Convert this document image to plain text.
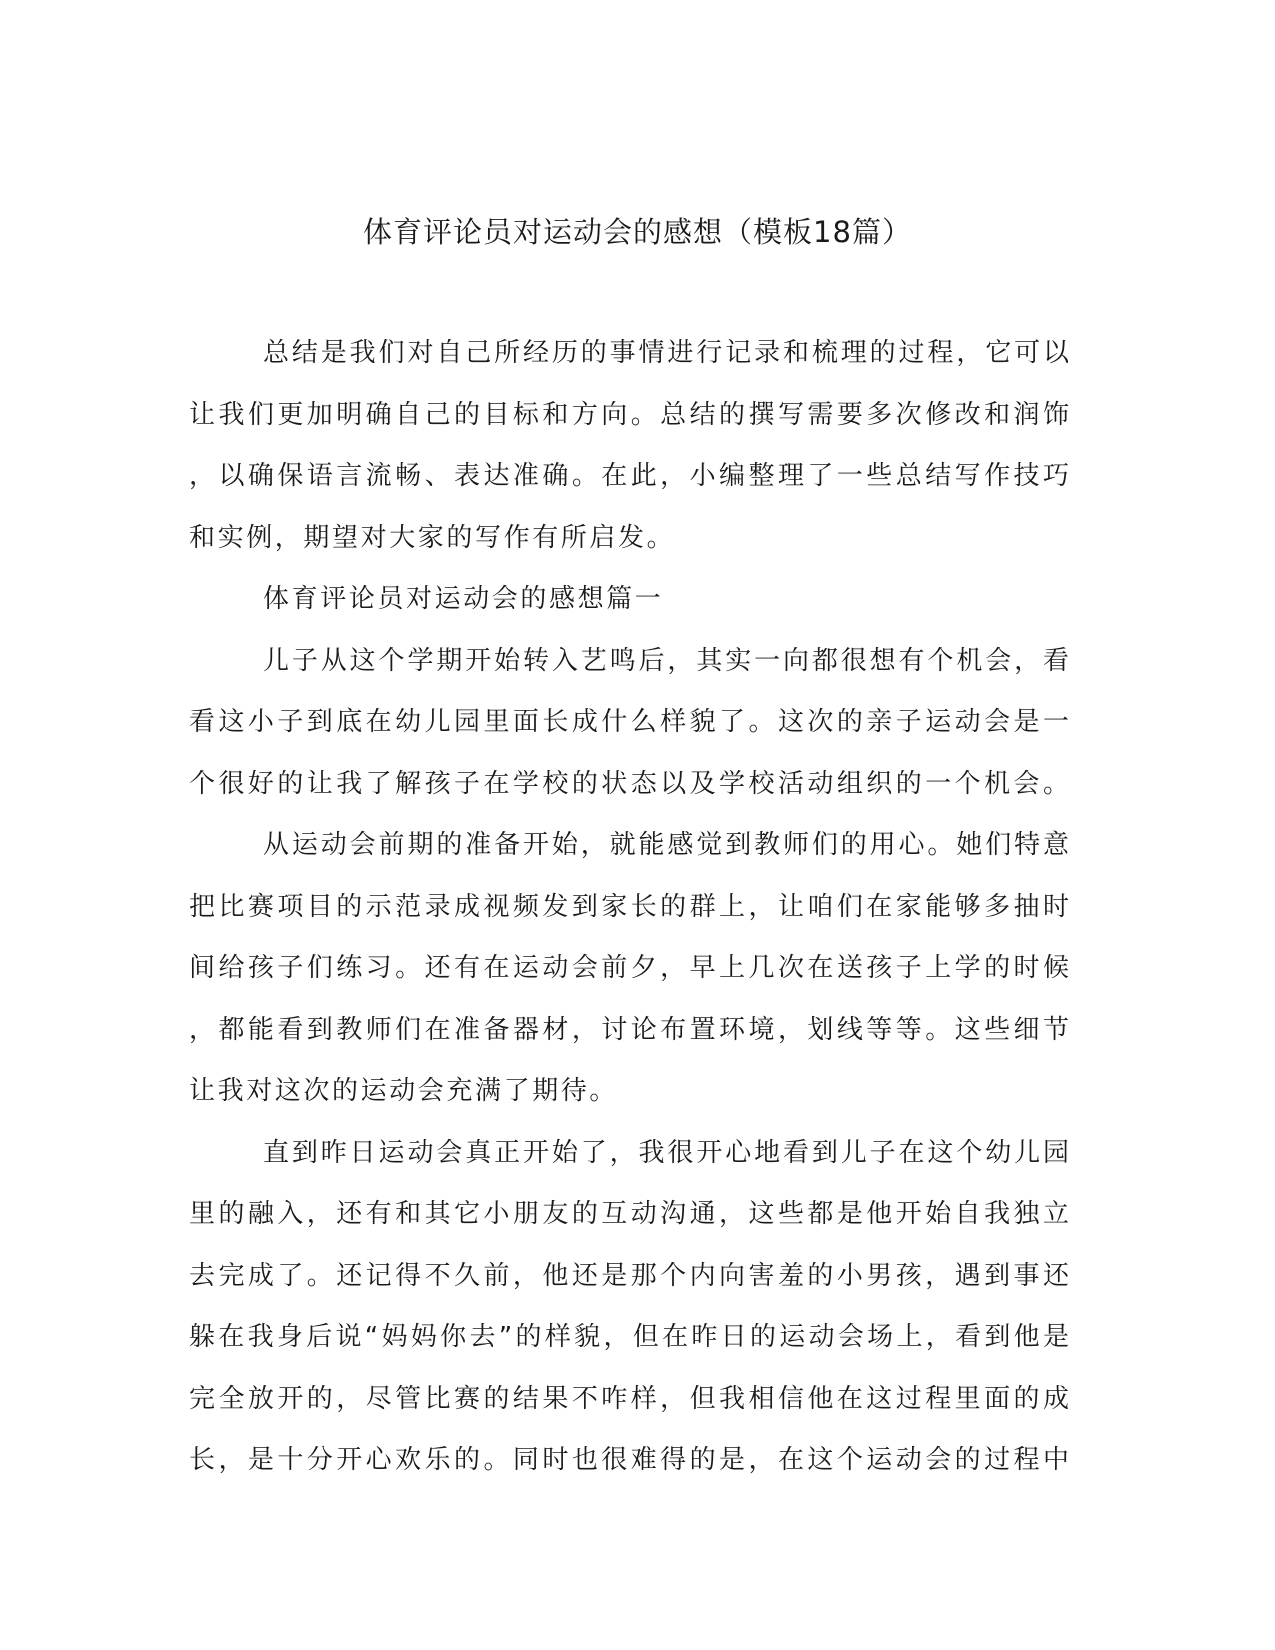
体育评论员对运动会的感想（模板18篇）
总结是我们对自己所经历的事情进行记录和梳理的过程，它可以
让我们更加明确自己的目标和方向。总结的撰写需要多次修改和润饰
，以确保语言流畅、表达准确。在此，小编整理了一些总结写作技巧
和实例，期望对大家的写作有所启发。
体育评论员对运动会的感想篇一
儿子从这个学期开始转入艺鸣后，其实一向都很想有个机会，看
看这小子到底在幼儿园里面长成什么样貌了。这次的亲子运动会是一
个很好的让我了解孩子在学校的状态以及学校活动组织的一个机会。
从运动会前期的准备开始，就能感觉到教师们的用心。她们特意
把比赛项目的示范录成视频发到家长的群上，让咱们在家能够多抽时
间给孩子们练习。还有在运动会前夕，早上几次在送孩子上学的时候
，都能看到教师们在准备器材，讨论布置环境，划线等等。这些细节
让我对这次的运动会充满了期待。
直到昨日运动会真正开始了，我很开心地看到儿子在这个幼儿园
里的融入，还有和其它小朋友的互动沟通，这些都是他开始自我独立
去完成了。还记得不久前，他还是那个内向害羞的小男孩，遇到事还
躲在我身后说“妈妈你去”的样貌，但在昨日的运动会场上，看到他是
完全放开的，尽管比赛的结果不咋样，但我相信他在这过程里面的成
长，是十分开心欢乐的。同时也很难得的是，在这个运动会的过程中
